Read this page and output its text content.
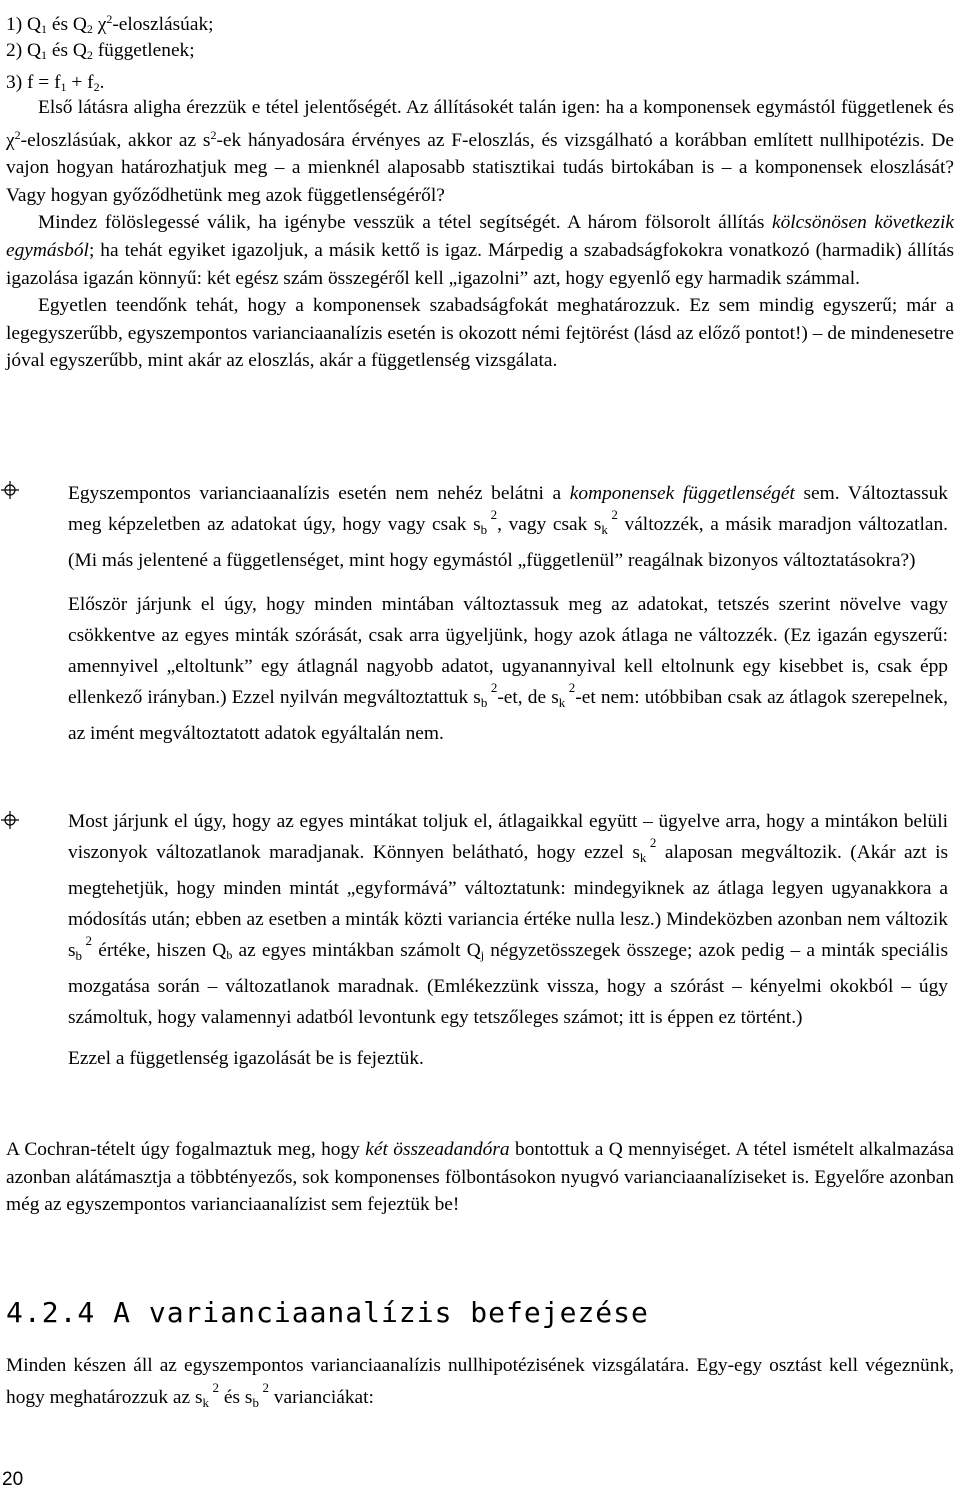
1) $Q_1$ és $Q_2$ $\chi^2$-eloszlásúak;
2) $Q_1$ és $Q_2$ függetlenek;
3) $f = f_1 + f_2$.

Első látásra aligha érezzük e tétel jelentőségét. Az állításokét talán igen: ha a komponensek egymástól függetlenek és $\chi^2$-eloszlásúak, akkor az $s^2-ek$ hányadosára érvényes az F-eloszlás, és vizsgálható a korábban említett nullhipotézis. De vajon hogyan határozhatjuk meg – a mienknél alaposabb statisztikai tudás birtokában is – a komponensek eloszlását? Vagy hogyan győződhetünk meg azok függetlenségéről?

Mindez fölöslegessé válik, ha igénybe vesszük a tétel segítségét. A három fölsorolt állítás kölcsönösen következik egymásból; ha tehát egyiket igazoljuk, a másik kettő is igaz. Márpedig a szabadságfokokra vonatkozó (harmadik) állítás igazolása igazán könnyű: két egész szám összegéről kell „igazolni” azt, hogy egyenlő egy harmadik számmal.

Egyetlen teendőnk tehát, hogy a komponensek szabadságfokát meghatározzuk. Ez sem mindig egyszerű; már a legegyszerűbb, egyszempontos varianciaanalízis esetén is okozott némi fejtörést (lásd az előző pontot!) – de mindenesetre jóval egyszerűbb, mint akár az eloszlás, akár a függetlenség vizsgálata.

Egyszempontos varianciaanalízis esetén nem nehéz belátni a komponensek függetlenségét sem. Változtassuk meg képzeletben az adatokat úgy, hogy vagy csak $s_b$
2 , vagy csak $s_k$
2 változzék, a másik maradjon változatlan. (Mi más jelentené a függetlenséget, mint hogy egymástól „függetlenül” reagálnak bizonyos változtatásokra?)

Először járjunk el úgy, hogy minden mintában változtassuk meg az adatokat, tetszés szerint növelve vagy csökkentve az egyes minták szórását, csak arra ügyeljünk, hogy azok átlaga ne változzék. (Ez igazán egyszerű: amennyivel „eltoltunk” egy átlagnál nagyobb adatot, ugyanannyival kell eltolnunk egy kisebbet is, csak épp ellenkező irányban.) Ezzel nyilván megváltoztattuk $s_b$
2 -et, de $s_k$
2 -et nem: utóbbiban csak az átlagok szerepelnek, az imént megváltoztatott adatok egyáltalán nem.

Most járjunk el úgy, hogy az egyes mintákat toljuk el, átlagaikkal együtt – ügyelve arra, hogy a mintákon belüli viszonyok változatlanok maradjanak. Könnyen belátható, hogy ezzel $s_k$
2 alaposan megváltozik. (Akár azt is megtehetjük, hogy minden mintát „egyformává” változtatunk: mindegyiknek az átlaga legyen ugyanakkora a módosítás után; ebben az esetben a minták közti variancia értéke nulla lesz.) Mindeközben azonban nem változik $s_b$
2 értéke, hiszen $Q_b$ az egyes mintákban számolt $Q_j$ négyzetösszegek összege; azok pedig – a minták speciális mozgatása során – változatlanok maradnak. (Emlékezzünk vissza, hogy a szórást – kényelmi okokból – úgy számoltuk, hogy valamennyi adatból levontunk egy tetszőleges számot; itt is éppen ez történt.)

Ezzel a függetlenség igazolását be is fejeztük.

A Cochran-tételt úgy fogalmaztuk meg, hogy két összeadandóra bontottuk a Q mennyiséget. A tétel ismételt alkalmazása azonban alátámasztja a többtényezős, sok komponenses fölbontásokon nyugvó varianciaanalíziseket is. Egyelőre azonban még az egyszempontos varianciaanalízist sem fejeztük be!

4.2.4 A varianciaanalízis befejezése

Minden készen áll az egyszempontos varianciaanalízis nullhipotézisének vizsgálatára. Egy-egy osztást kell végeznünk, hogy meghatározzuk az $s_k$
2 és $s_b$
2 varianciákat:

20
